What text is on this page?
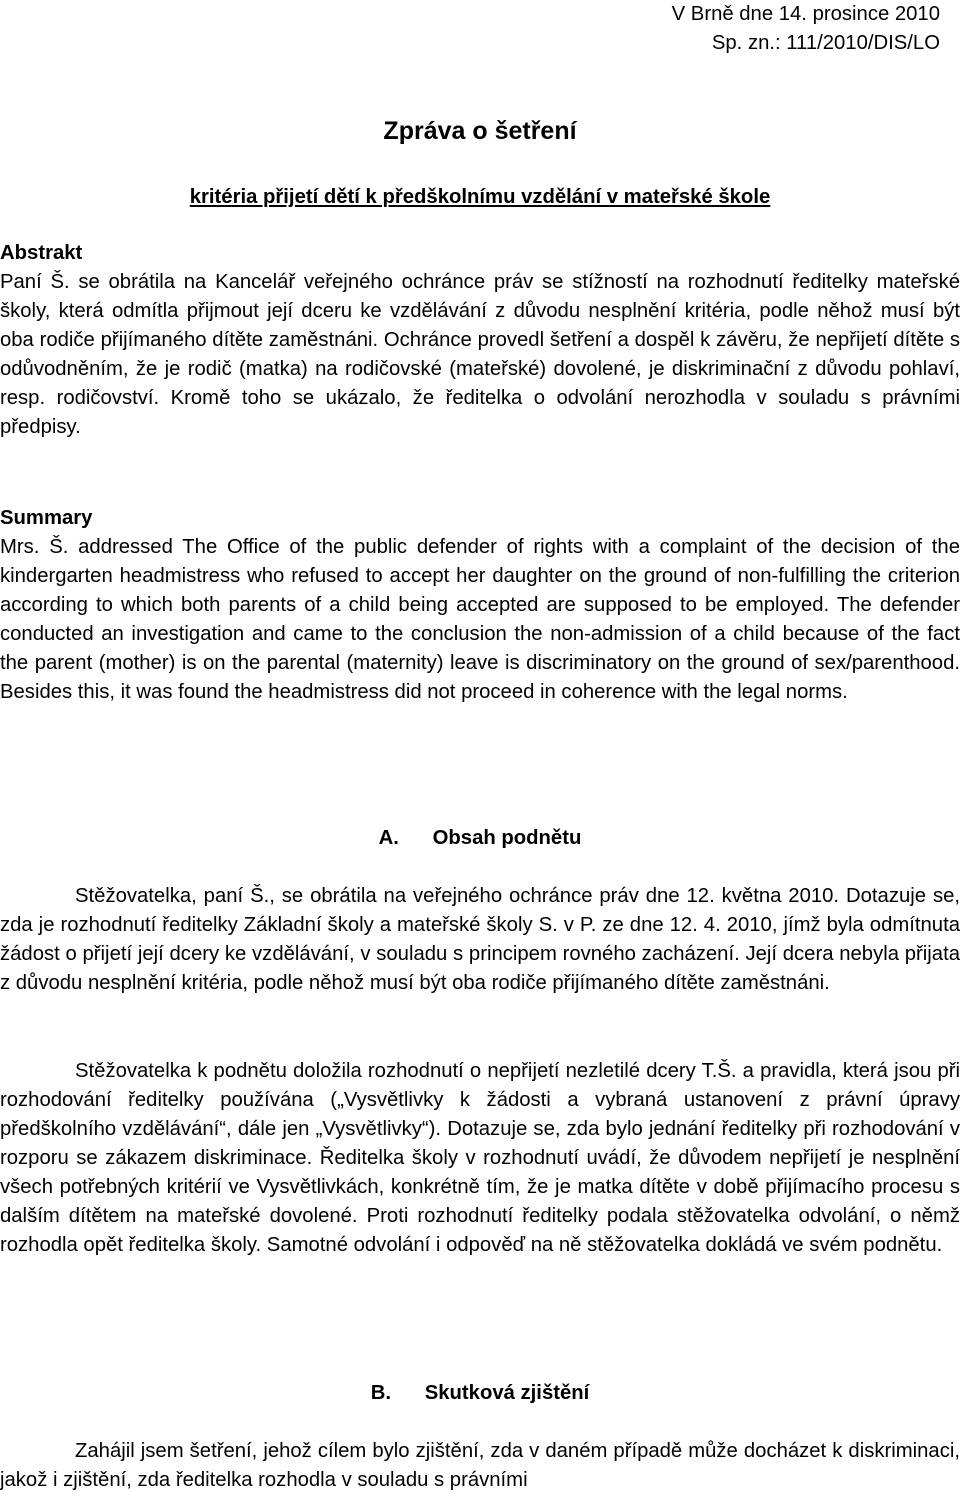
V Brně dne 14. prosince 2010
Sp. zn.: 111/2010/DIS/LO
Zpráva o šetření
kritéria přijetí dětí k předškolnímu vzdělání v mateřské škole
Abstrakt
Paní Š. se obrátila na Kancelář veřejného ochránce práv se stížností na rozhodnutí ředitelky mateřské školy, která odmítla přijmout její dceru ke vzdělávání z důvodu nesplnění kritéria, podle něhož musí být oba rodiče přijímaného dítěte zaměstnáni. Ochránce provedl šetření a dospěl k závěru, že nepřijetí dítěte s odůvodněním, že je rodič (matka) na rodičovské (mateřské) dovolené, je diskriminační z důvodu pohlaví, resp. rodičovství. Kromě toho se ukázalo, že ředitelka o odvolání nerozhodla v souladu s právními předpisy.
Summary
Mrs. Š. addressed The Office of the public defender of rights with a complaint of the decision of the kindergarten headmistress who refused to accept her daughter on the ground of non-fulfilling the criterion according to which both parents of a child being accepted are supposed to be employed. The defender conducted an investigation and came to the conclusion the non-admission of a child because of the fact the parent (mother) is on the parental (maternity) leave is discriminatory on the ground of sex/parenthood. Besides this, it was found the headmistress did not proceed in coherence with the legal norms.
A. Obsah podnětu
Stěžovatelka, paní Š., se obrátila na veřejného ochránce práv dne 12. května 2010. Dotazuje se, zda je rozhodnutí ředitelky Základní školy a mateřské školy S. v P. ze dne 12. 4. 2010, jímž byla odmítnuta žádost o přijetí její dcery ke vzdělávání, v souladu s principem rovného zacházení. Její dcera nebyla přijata z důvodu nesplnění kritéria, podle něhož musí být oba rodiče přijímaného dítěte zaměstnáni.
Stěžovatelka k podnětu doložila rozhodnutí o nepřijetí nezletilé dcery T.Š. a pravidla, která jsou při rozhodování ředitelky používána („Vysvětlivky k žádosti a vybraná ustanovení z právní úpravy předškolního vzdělávání“, dále jen „Vysvětlivky“). Dotazuje se, zda bylo jednání ředitelky při rozhodování v rozporu se zákazem diskriminace. Ředitelka školy v rozhodnutí uvádí, že důvodem nepřijetí je nesplnění všech potřebných kritérií ve Vysvětlivkách, konkrétně tím, že je matka dítěte v době přijímacího procesu s dalším dítětem na mateřské dovolené. Proti rozhodnutí ředitelky podala stěžovatelka odvolání, o němž rozhodla opět ředitelka školy. Samotné odvolání i odpověď na ně stěžovatelka dokládá ve svém podnětu.
B. Skutková zjištění
Zahájil jsem šetření, jehož cílem bylo zjištění, zda v daném případě může docházet k diskriminaci, jakož i zjištění, zda ředitelka rozhodla v souladu s právními
